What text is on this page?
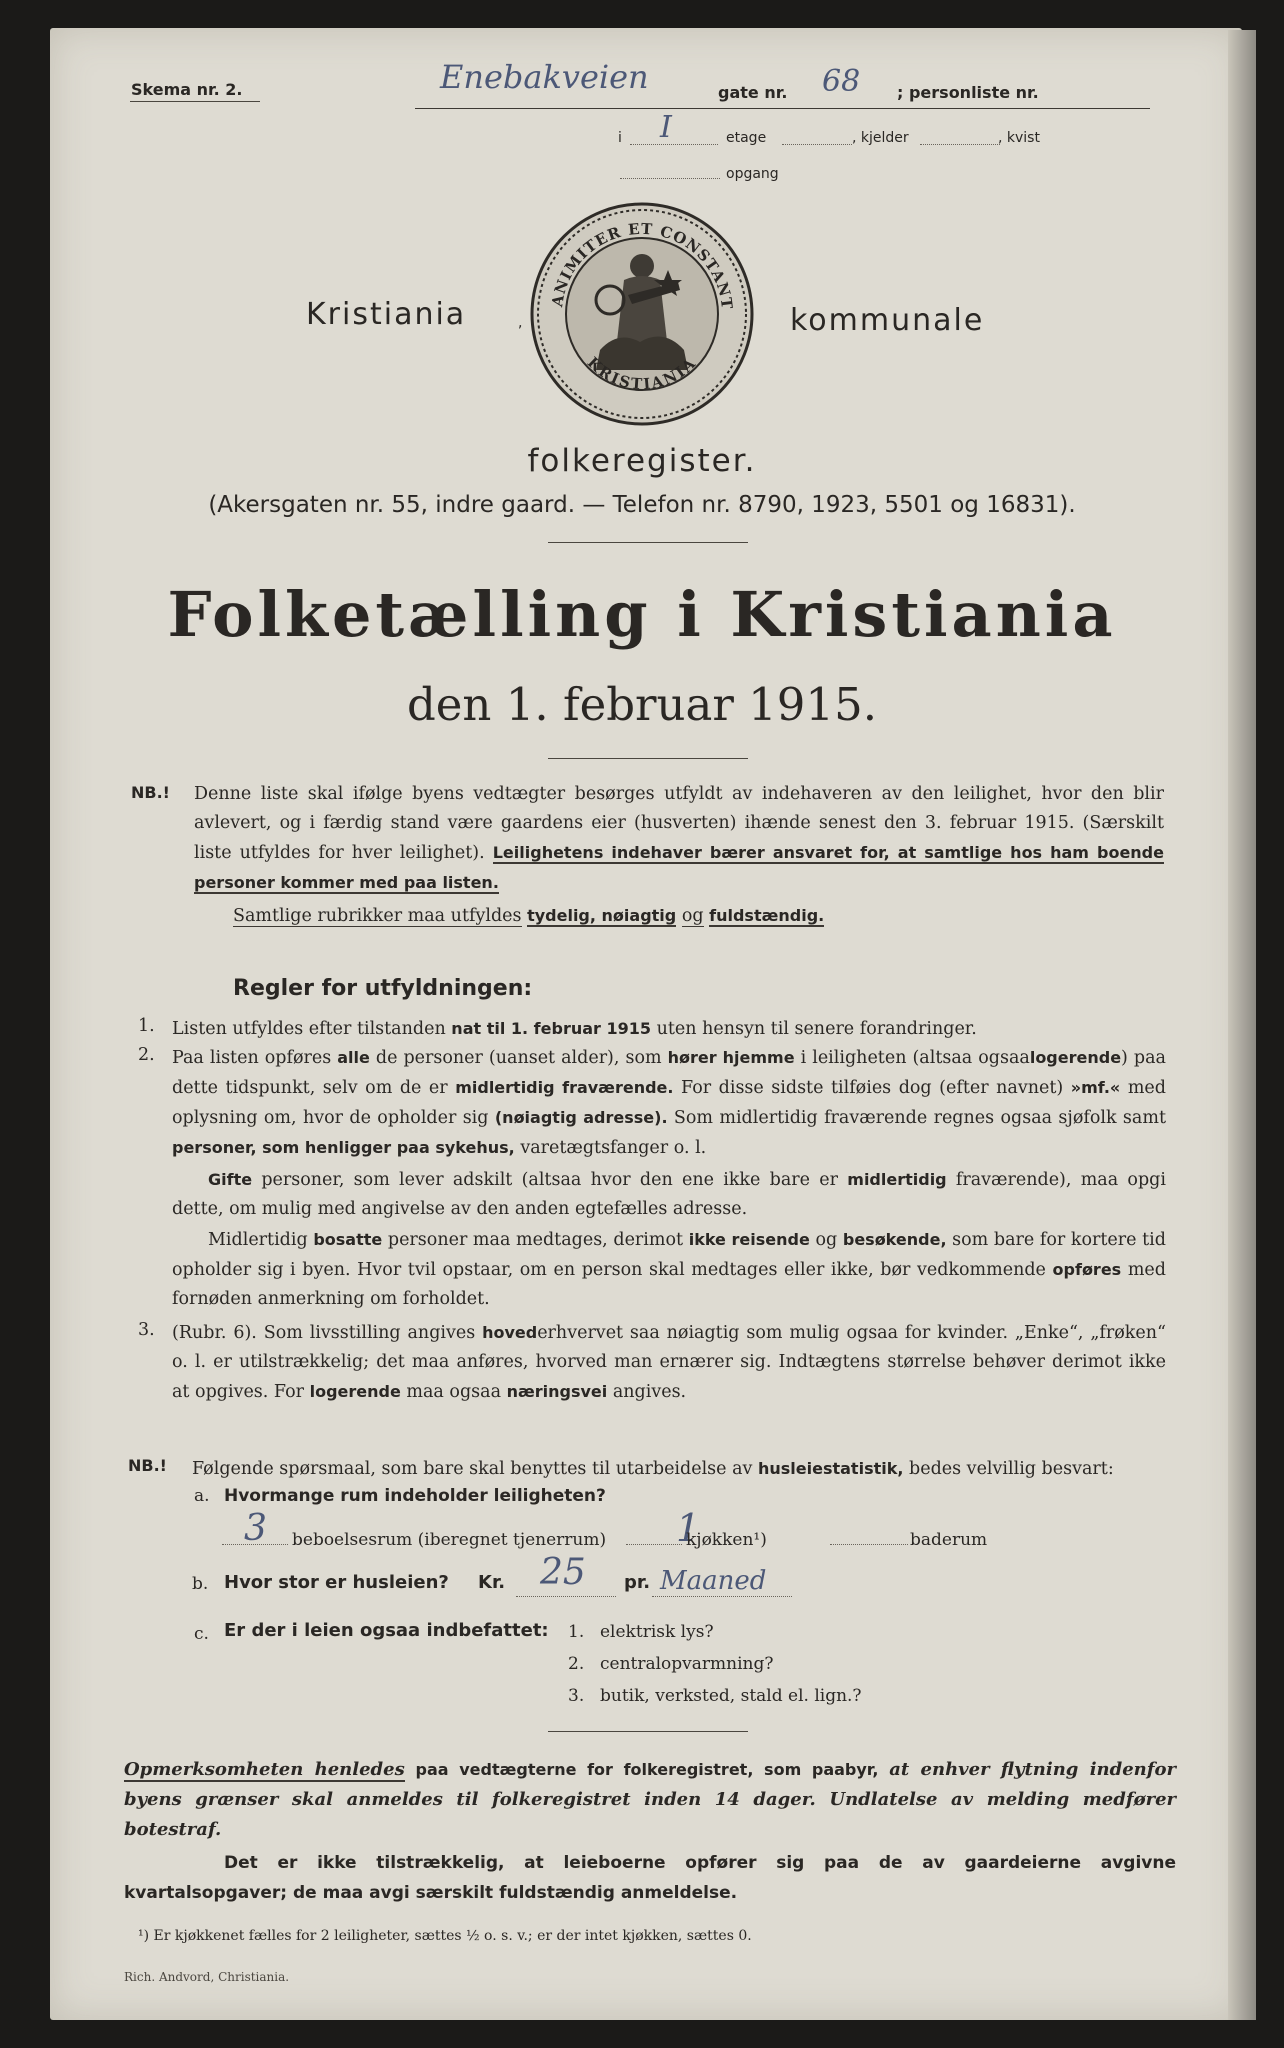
Skema nr. 2.	Enebakveien	gate nr. 68 ; personliste nr.
i I	etage	, kjelder	, kvist
opgang
Kristiania	,
ANIMITER ET CONSTANT
KRISTIANIA
kommunale
folkeregister.
(Akersgaten nr. 55, indre gaard. — Telefon nr. 8790, 1923, 5501 og 16831).
Folketælling i Kristiania
den 1. februar 1915.
NB.! Denne liste skal ifølge byens vedtægter besørges utfyldt av indehaveren av den leilighet, hvor den blir avlevert, og i færdig stand være gaardens eier (husverten) ihænde senest den 3. februar 1915. (Særskilt liste utfyldes for hver leilighet). Leilighetens indehaver bærer ansvaret for, at samtlige hos ham boende personer kommer med paa listen.
Samtlige rubrikker maa utfyldes tydelig, nøiagtig og fuldstændig.
Regler for utfyldningen:
1. Listen utfyldes efter tilstanden nat til 1. februar 1915 uten hensyn til senere forandringer.
2. Paa listen opføres alle de personer (uanset alder), som hører hjemme i leiligheten (altsaa ogsaalogerende) paa dette tidspunkt, selv om de er midlertidig fraværende. For disse sidste tilføies dog (efter navnet) »mf.« med oplysning om, hvor de opholder sig (nøiagtig adresse). Som midlertidig fraværende regnes ogsaa sjøfolk samt personer, som henligger paa sykehus, varetægtsfanger o. l.
Gifte personer, som lever adskilt (altsaa hvor den ene ikke bare er midlertidig fraværende), maa opgi dette, om mulig med angivelse av den anden egtefælles adresse.
Midlertidig bosatte personer maa medtages, derimot ikke reisende og besøkende, som bare for kortere tid opholder sig i byen. Hvor tvil opstaar, om en person skal medtages eller ikke, bør vedkommende opføres med fornøden anmerkning om forholdet.
3. (Rubr. 6). Som livsstilling angives hovederhvervet saa nøiagtig som mulig ogsaa for kvinder. „Enke“, „frøken“ o. l. er utilstrækkelig; det maa anføres, hvorved man ernærer sig. Indtægtens størrelse behøver derimot ikke at opgives. For logerende maa ogsaa næringsvei angives.
NB.! Følgende spørsmaal, som bare skal benyttes til utarbeidelse av husleiestatistik, bedes velvillig besvart:
a. Hvormange rum indeholder leiligheten?
3 beboelsesrum (iberegnet tjenerrum) 1
kjøkken¹)	baderum
b. Hvor stor er husleien? Kr. 25 pr. Maaned
c. Er der i leien ogsaa indbefattet: 1. elektrisk lys?
2. centralopvarmning?
3. butik, verksted, stald el. lign.?
Opmerksomheten henledes paa vedtægterne for folkeregistret, som paabyr, at enhver flytning indenfor byens grænser skal anmeldes til folkeregistret inden 14 dager. Undlatelse av melding medfører botestraf.
Det er ikke tilstrækkelig, at leieboerne opfører sig paa de av gaardeierne avgivne kvartalsopgaver; de maa avgi særskilt fuldstændig anmeldelse.
¹) Er kjøkkenet fælles for 2 leiligheter, sættes ½ o. s. v.; er der intet kjøkken, sættes 0.
Rich. Andvord, Christiania.
